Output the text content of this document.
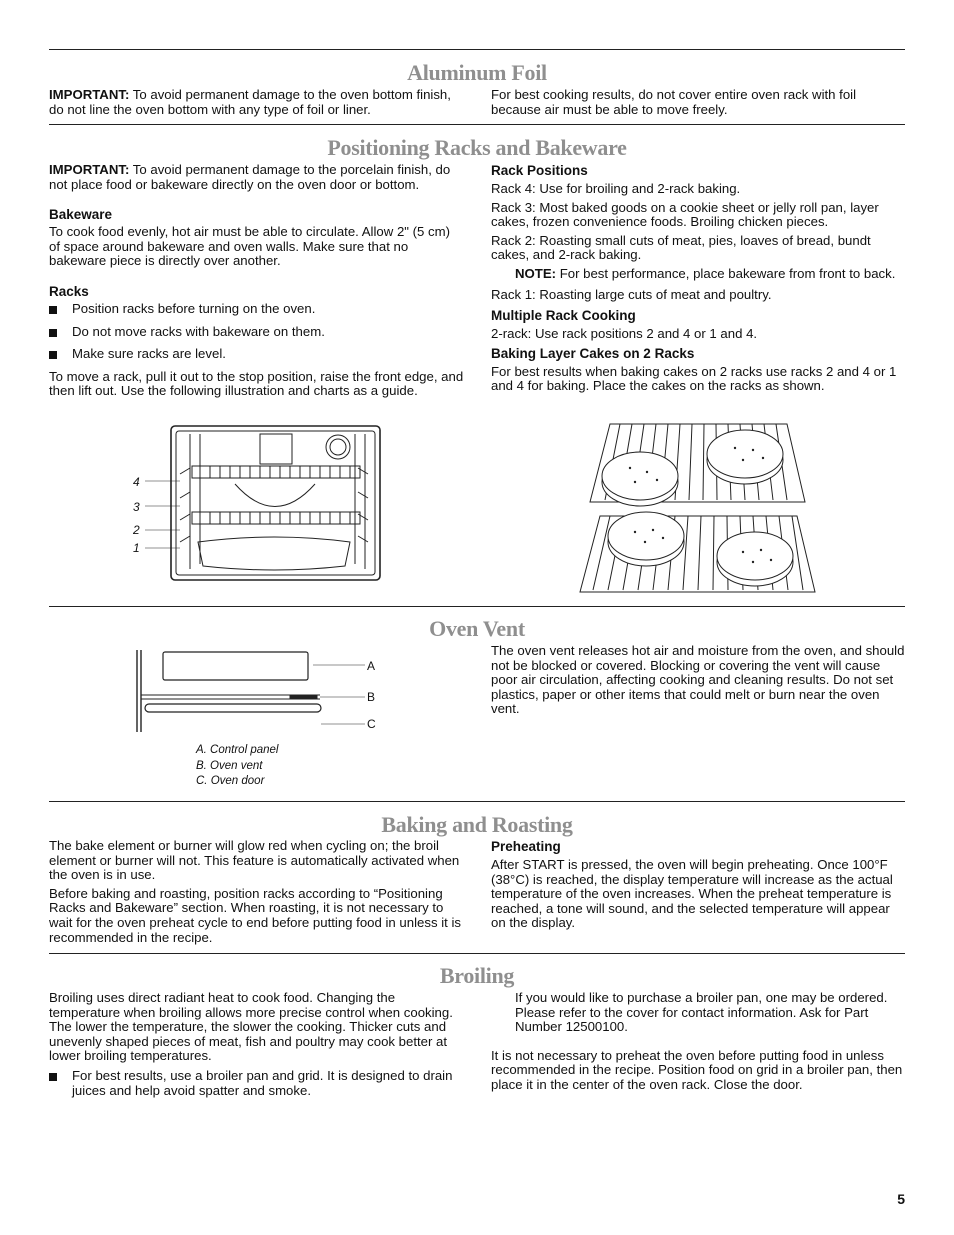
Aluminum Foil

IMPORTANT: To avoid permanent damage to the oven bottom finish, do not line the oven bottom with any type of foil or liner.

For best cooking results, do not cover entire oven rack with foil because air must be able to move freely.

Positioning Racks and Bakeware

IMPORTANT: To avoid permanent damage to the porcelain finish, do not place food or bakeware directly on the oven door or bottom.

Bakeware

To cook food evenly, hot air must be able to circulate. Allow 2" (5 cm) of space around bakeware and oven walls. Make sure that no bakeware piece is directly over another.

Racks

Position racks before turning on the oven.

Do not move racks with bakeware on them.

Make sure racks are level.

To move a rack, pull it out to the stop position, raise the front edge, and then lift out. Use the following illustration and charts as a guide.

Rack Positions

Rack 4: Use for broiling and 2-rack baking.

Rack 3: Most baked goods on a cookie sheet or jelly roll pan, layer cakes, frozen convenience foods. Broiling chicken pieces.

Rack 2: Roasting small cuts of meat, pies, loaves of bread, bundt cakes, and 2-rack baking.

NOTE: For best performance, place bakeware from front to back.

Rack 1: Roasting large cuts of meat and poultry.

Multiple Rack Cooking

2-rack: Use rack positions 2 and 4 or 1 and 4.

Baking Layer Cakes on 2 Racks

For best results when baking cakes on 2 racks use racks 2 and 4 or 1 and 4 for baking. Place the cakes on the racks as shown.

4
3
2
1
Oven Vent
A
B
C
A. Control panel
B. Oven vent
C. Oven door

The oven vent releases hot air and moisture from the oven, and should not be blocked or covered. Blocking or covering the vent will cause poor air circulation, affecting cooking and cleaning results. Do not set plastics, paper or other items that could melt or burn near the oven vent.

Baking and Roasting

The bake element or burner will glow red when cycling on; the broil element or burner will not. This feature is automatically activated when the oven is in use.

Before baking and roasting, position racks according to “Positioning Racks and Bakeware” section. When roasting, it is not necessary to wait for the oven preheat cycle to end before putting food in unless it is recommended in the recipe.

Preheating

After START is pressed, the oven will begin preheating. Once 100°F (38°C) is reached, the display temperature will increase as the actual temperature of the oven increases. When the preheat temperature is reached, a tone will sound, and the selected temperature will appear on the display.

Broiling

Broiling uses direct radiant heat to cook food. Changing the temperature when broiling allows more precise control when cooking. The lower the temperature, the slower the cooking. Thicker cuts and unevenly shaped pieces of meat, fish and poultry may cook better at lower broiling temperatures.

For best results, use a broiler pan and grid. It is designed to drain juices and help avoid spatter and smoke.

If you would like to purchase a broiler pan, one may be ordered. Please refer to the cover for contact information. Ask for Part Number 12500100.

It is not necessary to preheat the oven before putting food in unless recommended in the recipe. Position food on grid in a broiler pan, then place it in the center of the oven rack. Close the door.

5
